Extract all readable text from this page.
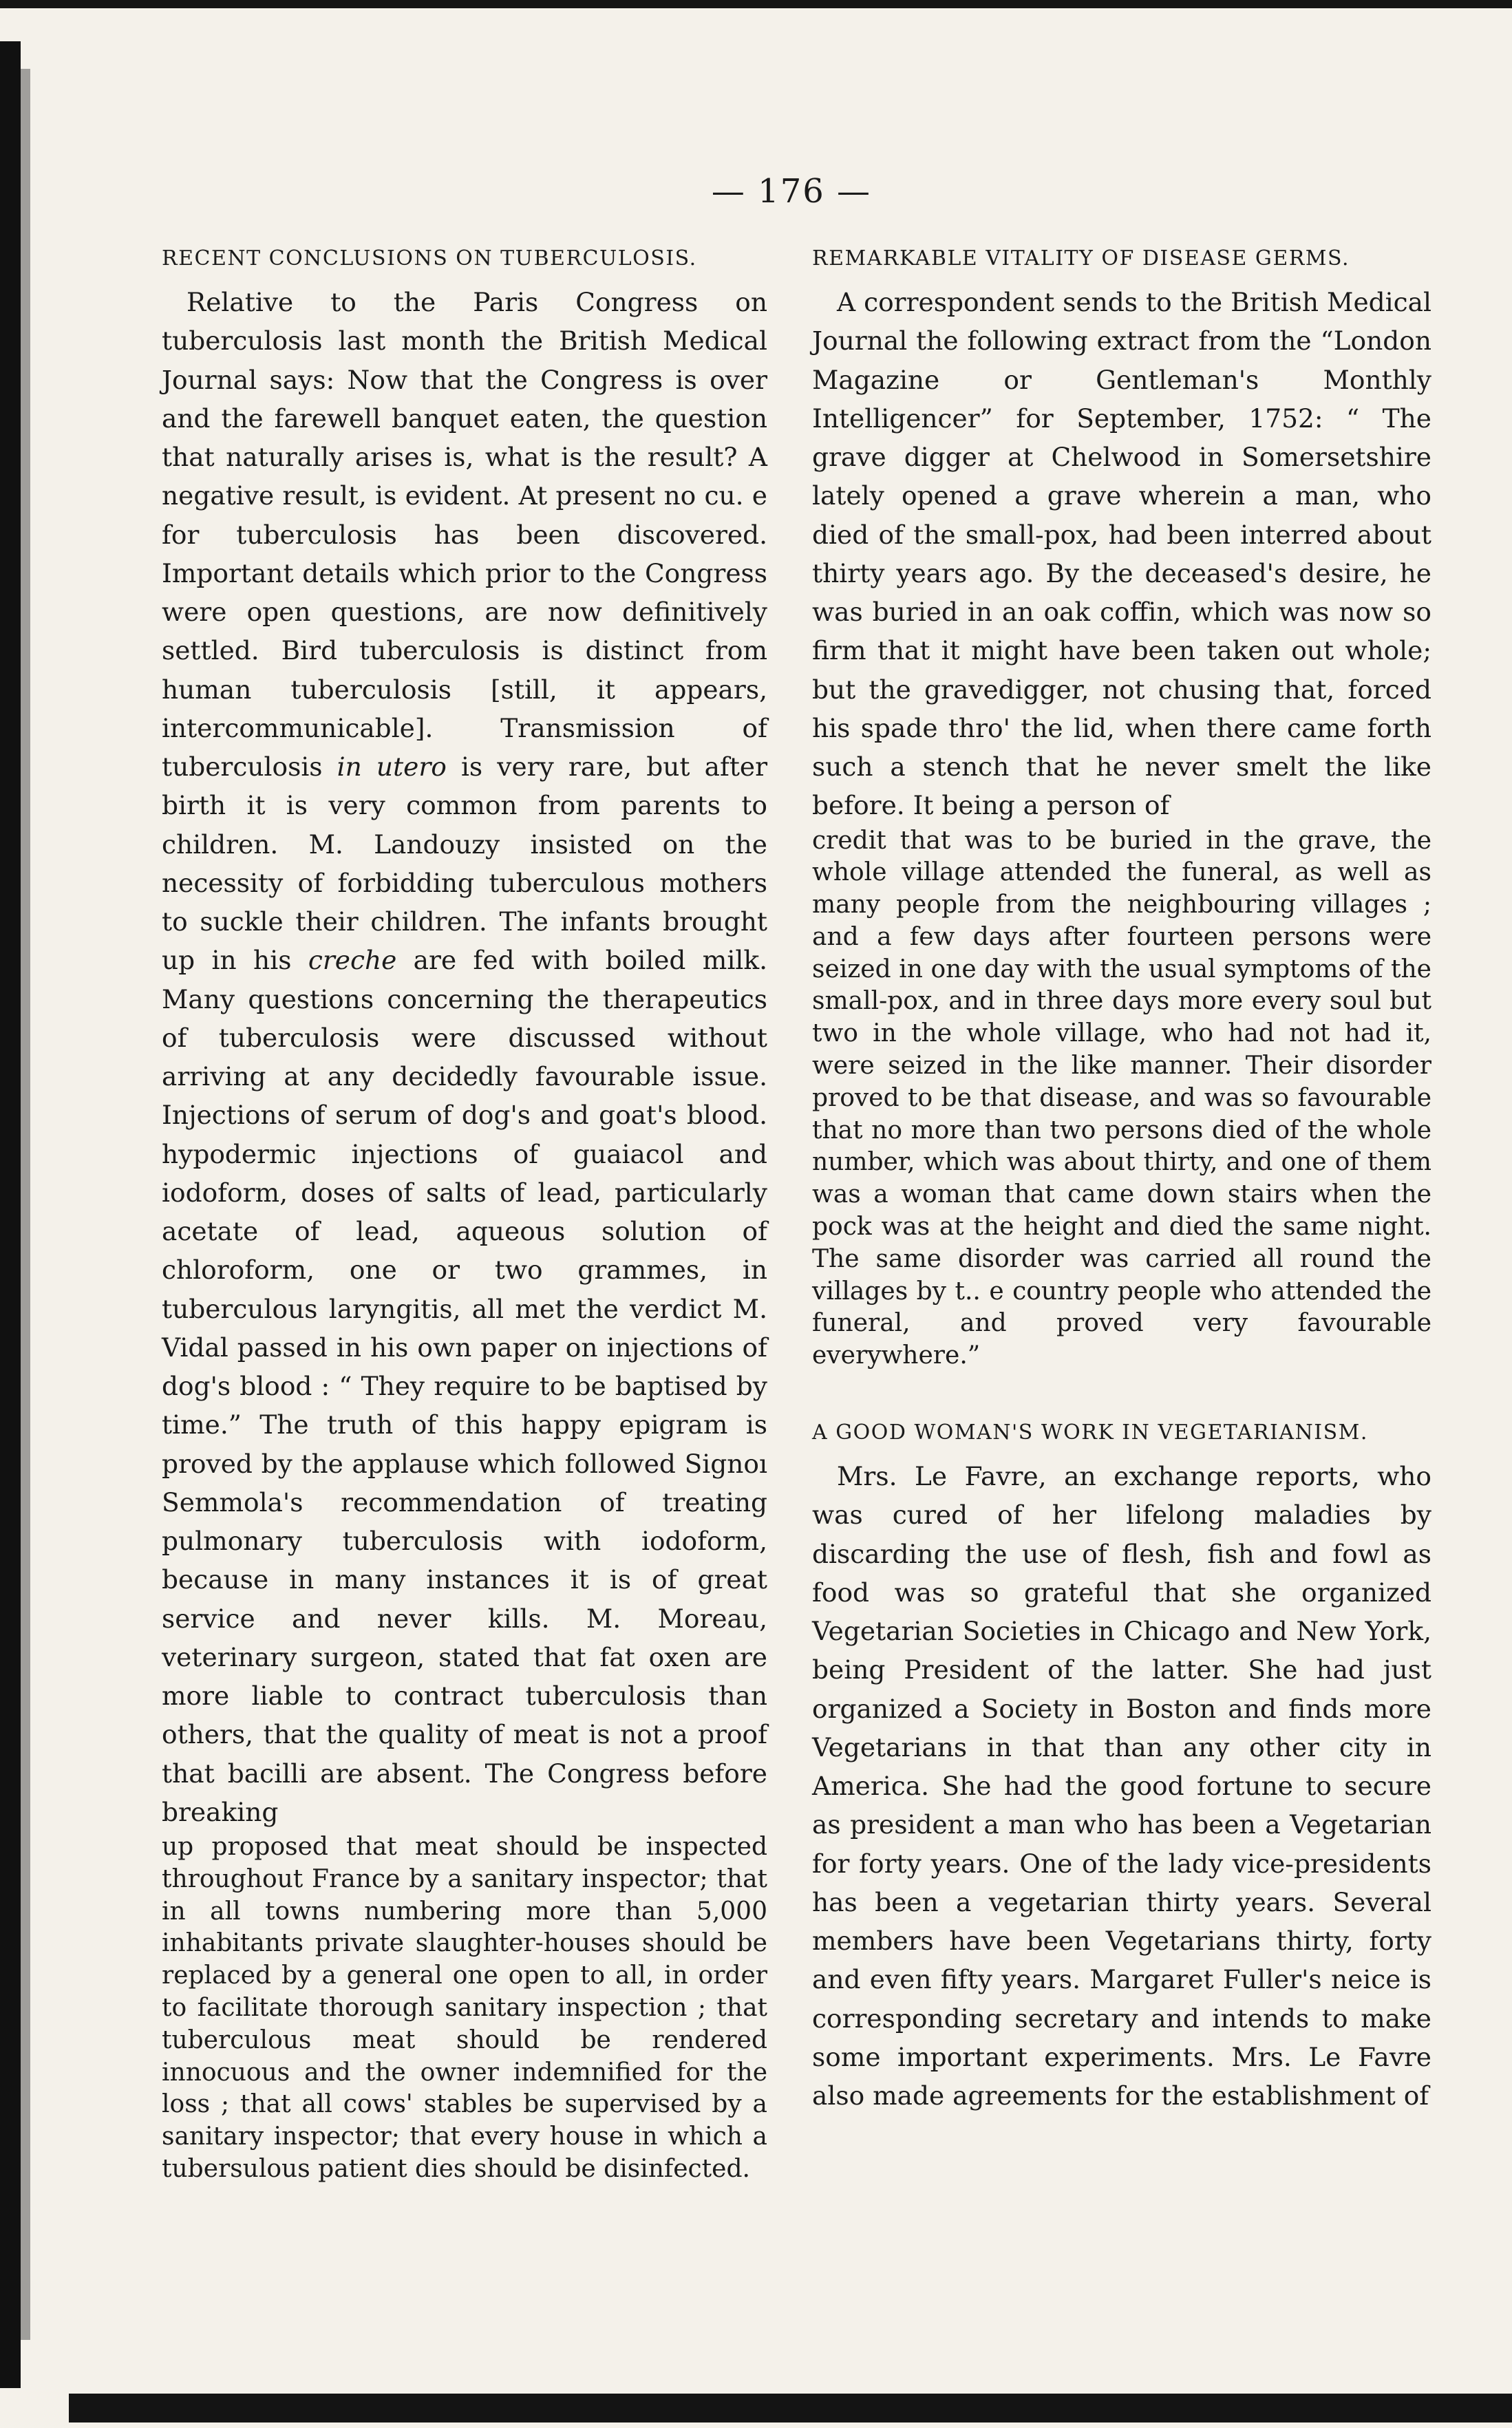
— 176 —
RECENT CONCLUSIONS ON TUBERCULOSIS.

Relative to the Paris Congress on tuberculosis last month the British Medical Journal says: Now that the Congress is over and the farewell banquet eaten, the question that naturally arises is, what is the result? A negative result, is evident. At present no cu. e for tuberculosis has been discovered. Important details which prior to the Congress were open questions, are now definitively settled. Bird tuberculosis is distinct from human tuberculosis [still, it appears, intercommunicable]. Transmission of tuberculosis in utero is very rare, but after birth it is very common from parents to children. M. Landouzy insisted on the necessity of forbidding tuberculous mothers to suckle their children. The infants brought up in his creche are fed with boiled milk. Many questions concerning the therapeutics of tuberculosis were discussed without arriving at any decidedly favourable issue. Injections of serum of dog's and goat's blood. hypodermic injections of guaiacol and iodoform, doses of salts of lead, particularly acetate of lead, aqueous solution of chloroform, one or two grammes, in tuberculous laryngitis, all met the verdict M. Vidal passed in his own paper on injections of dog's blood : “ They require to be baptised by time.” The truth of this happy epigram is proved by the applause which followed Signoı Semmola's recommendation of treating pulmonary tuberculosis with iodoform, because in many instances it is of great service and never kills. M. Moreau, veterinary surgeon, stated that fat oxen are more liable to contract tuberculosis than others, that the quality of meat is not a proof that bacilli are absent. The Congress before breaking

up proposed that meat should be inspected throughout France by a sanitary inspector; that in all towns numbering more than 5,000 inhabitants private slaughter-houses should be replaced by a general one open to all, in order to facilitate thorough sanitary inspection ; that tuberculous meat should be rendered innocuous and the owner indemnified for the loss ; that all cows' stables be supervised by a sanitary inspector; that every house in which a tubersulous patient dies should be disinfected.

REMARKABLE VITALITY OF DISEASE GERMS.

A correspondent sends to the British Medical Journal the following extract from the “London Magazine or Gentleman's Monthly Intelligencer” for September, 1752: “ The grave digger at Chelwood in Somersetshire lately opened a grave wherein a man, who died of the small-pox, had been interred about thirty years ago. By the deceased's desire, he was buried in an oak coffin, which was now so firm that it might have been taken out whole; but the gravedigger, not chusing that, forced his spade thro' the lid, when there came forth such a stench that he never smelt the like before. It being a person of

credit that was to be buried in the grave, the whole village attended the funeral, as well as many people from the neighbouring villages ; and a few days after fourteen persons were seized in one day with the usual symptoms of the small-pox, and in three days more every soul but two in the whole village, who had not had it, were seized in the like manner. Their disorder proved to be that disease, and was so favourable that no more than two persons died of the whole number, which was about thirty, and one of them was a woman that came down stairs when the pock was at the height and died the same night. The same disorder was carried all round the villages by t.. e country people who attended the funeral, and proved very favourable everywhere.”

A GOOD WOMAN'S WORK IN VEGETARIANISM.

Mrs. Le Favre, an exchange reports, who was cured of her lifelong maladies by discarding the use of flesh, fish and fowl as food was so grateful that she organized Vegetarian Societies in Chicago and New York, being President of the latter. She had just organized a Society in Boston and finds more Vegetarians in that than any other city in America. She had the good fortune to secure as president a man who has been a Vegetarian for forty years. One of the lady vice-presidents has been a vegetarian thirty years. Several members have been Vegetarians thirty, forty and even fifty years. Margaret Fuller's neice is corresponding secretary and intends to make some important experiments. Mrs. Le Favre also made agreements for the establishment of
